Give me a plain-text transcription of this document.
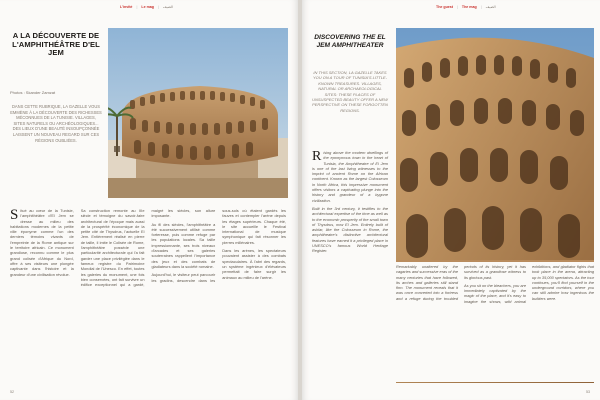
L'invité | Le mag | الضيف
A LA DÉCOUVERTE DE L'AMPHITHÉÂTRE D'EL JEM
Photos : Skander Zamzat
DANS CETTE RUBRIQUE, LA GAZELLE VOUS EMMÈNE À LA DÉCOUVERTE DES RICHESSES MÉCONNUES DE LA TUNISIE. VILLAGES, SITES NATURELS OU ARCHÉOLOGIQUES... DES LIEUX D'UNE BEAUTÉ INSOUPÇONNÉE LAISSENT UN NOUVEAU REGARD SUR CES RÉGIONS OUBLIÉES.

Situé au cœur de la Tunisie, l'amphithéâtre d'El Jem se dresse au milieu des habitations modernes de la petite ville éponyme comme l'un des derniers témoins vivants de l'empreinte de la Rome antique sur le territoire africain. Ce monument grandiose, reconnu comme le plus grand colisée d'Afrique du Nord, offre à ses visiteurs une plongée captivante dans l'histoire et la grandeur d'une civilisation révolue.

Sa construction remonte au IIIe siècle et témoigne du savoir-faire architectural de l'époque mais aussi de la prospérité économique de la petite cité de Thysdrus, l'actuelle El Jem. Entièrement réalisé en pierre de taille, il imite le Colisée de Rome, l'amphithéâtre possède une particularité architecturale qui l'a fait garder une place privilégiée dans le fameux registre du Patrimoine Mondial de l'Unesco. En effet, toutes les galeries du monument, une fois bien conservées, ont fait survivre un édifice exceptionnel qui a gardé, malgré les siècles, son allure imposante.

Au fil des siècles, l'amphithéâtre a été successivement utilisé comme forteresse, puis comme refuge par les populations locales. Sa taille impressionnante, ses trois niveaux d'arcades et ses galeries souterraines rappellent l'importance des jeux et des combats de gladiateurs dans la société romaine.

Aujourd'hui, le visiteur peut parcourir les gradins, descendre dans les sous-sols où étaient gardés les fauves et contempler l'arène depuis les étages supérieurs. Chaque été, le site accueille le Festival international de musique symphonique qui fait résonner les pierres millénaires.

Dans les arènes, les spectateurs pouvaient assister à des combats spectaculaires. À l'abri des regards, un système ingénieux d'élévateurs permettait de faire surgir les animaux au milieu de l'arène.

52
The guest | The mag | الضيف
DISCOVERING THE EL JEM AMPHITHEATER
IN THIS SECTION, LA GAZELLE TAKES YOU ON A TOUR OF TUNISIA'S LITTLE-KNOWN TREASURES. VILLAGES, NATURAL OR ARCHAEOLOGICAL SITES: THESE PLACES OF UNSUSPECTED BEAUTY OFFER A NEW PERSPECTIVE ON THESE FORGOTTEN REGIONS.

Rising above the modern dwellings of the eponymous town in the heart of Tunisia, the Amphitheatre of El Jem is one of the last living witnesses to the imprint of ancient Rome on the African continent. Known as the largest Colosseum in North Africa, this impressive monument offers visitors a captivating plunge into the history and grandeur of a bygone civilization.

Built in the 3rd century, it testifies to the architectural expertise of the time as well as to the economic prosperity of the small town of Thysdrus, now El Jem. Entirely built of ashlar, like the Colosseum in Rome, the amphitheatre's distinctive architectural features have earned it a privileged place in UNESCO's famous World Heritage Register.

Remarkably unaltered by the vagaries and successive eras of the many centuries that have followed, its arches and galleries still stand firm. The monument reveals that it was once converted into a fortress and a refuge during the troubled periods of its history, yet it has survived as a grandiose witness to its glorious past.

As you sit on the bleachers, you are immediately captivated by the magic of the place, and it's easy to imagine the shows, wild animal exhibitions, and gladiator fights that took place in the arena, attracting up to 35,000 spectators. As the tour continues, you'll find yourself in the underground corridors, where you can still admire how ingenious the builders were.

53
